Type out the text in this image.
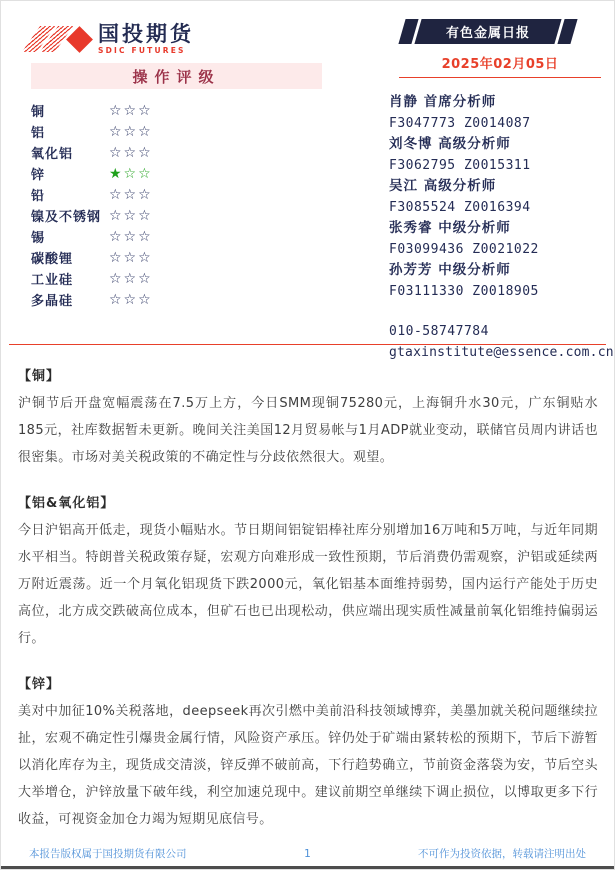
国投期货
SDIC FUTURES
有色金属日报
2025年02月05日
操作评级
铜	☆☆☆
铝	☆☆☆
氧化铝	☆☆☆
锌	★☆☆
铅	☆☆☆
镍及不锈钢 ☆☆☆
锡	☆☆☆
碳酸锂	☆☆☆
工业硅	☆☆☆
多晶硅	☆☆☆
肖静 首席分析师
F3047773 Z0014087
刘冬博 高级分析师
F3062795 Z0015311
吴江 高级分析师
F3085524 Z0016394
张秀睿 中级分析师
F03099436 Z0021022
孙芳芳 中级分析师
F03111330 Z0018905
010-58747784
gtaxinstitute@essence.com.cn
【铜】
沪铜节后开盘宽幅震荡在7.5万上方，今日SMM现铜75280元，上海铜升水30元，广东铜贴水185元，社库数据暂未更新。晚间关注美国12月贸易帐与1月ADP就业变动，联储官员周内讲话也很密集。市场对美关税政策的不确定性与分歧依然很大。观望。
【铝&氧化铝】
今日沪铝高开低走，现货小幅贴水。节日期间铝锭铝棒社库分别增加16万吨和5万吨，与近年同期水平相当。特朗普关税政策存疑，宏观方向难形成一致性预期，节后消费仍需观察，沪铝或延续两万附近震荡。近一个月氧化铝现货下跌2000元，氧化铝基本面维持弱势，国内运行产能处于历史高位，北方成交跌破高位成本，但矿石也已出现松动，供应端出现实质性减量前氧化铝维持偏弱运行。
【锌】
美对中加征10%关税落地，deepseek再次引燃中美前沿科技领域博弈，美墨加就关税问题继续拉扯，宏观不确定性引爆贵金属行情，风险资产承压。锌仍处于矿端由紧转松的预期下，节后下游暂以消化库存为主，现货成交清淡，锌反弹不破前高，下行趋势确立，节前资金落袋为安，节后空头大举增仓，沪锌放量下破年线，利空加速兑现中。建议前期空单继续下调止损位，以博取更多下行收益，可视资金加仓力竭为短期见底信号。
本报告版权属于国投期货有限公司	1	不可作为投资依据，转载请注明出处
